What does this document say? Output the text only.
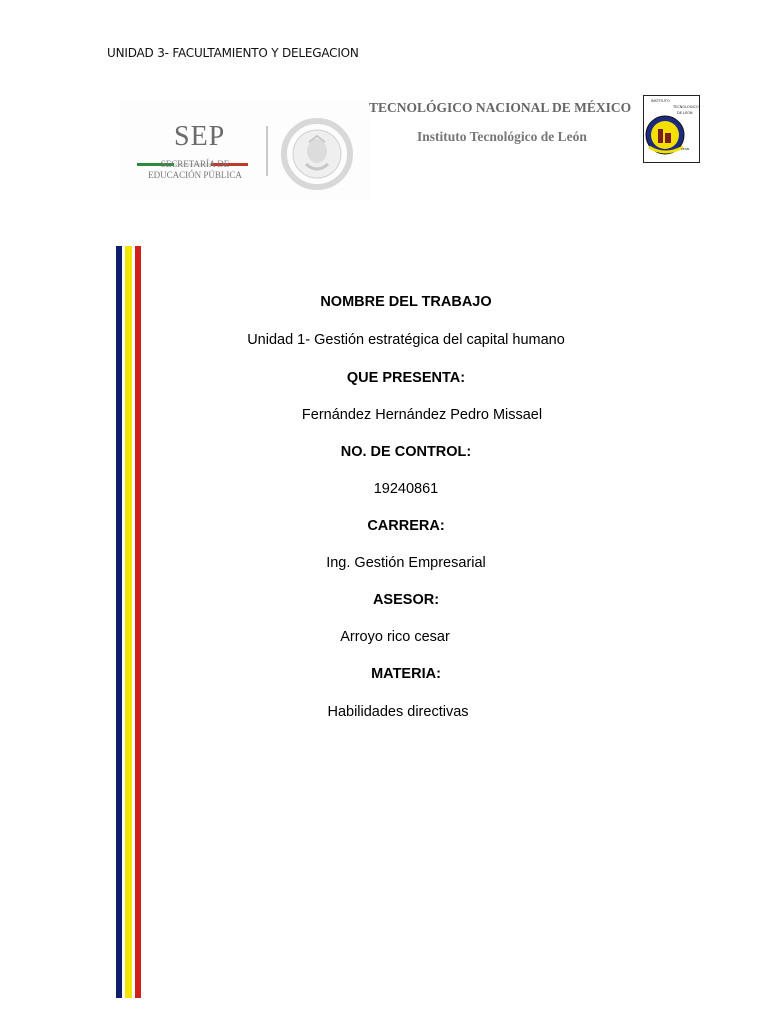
UNIDAD 3- FACULTAMIENTO Y DELEGACION
SEP
SECRETARÍA DE
EDUCACIÓN PÚBLICA
TECNOLÓGICO NACIONAL DE MÉXICO
Instituto Tecnológico de León
INSTITUTO
TECNOLOGICO
DE LEON
LEON
NOMBRE DEL TRABAJO
Unidad 1- Gestión estratégica del capital humano
QUE PRESENTA:
Fernández Hernández Pedro Missael
NO. DE CONTROL:
19240861
CARRERA:
Ing. Gestión Empresarial
ASESOR:
Arroyo rico cesar
MATERIA:
Habilidades directivas
